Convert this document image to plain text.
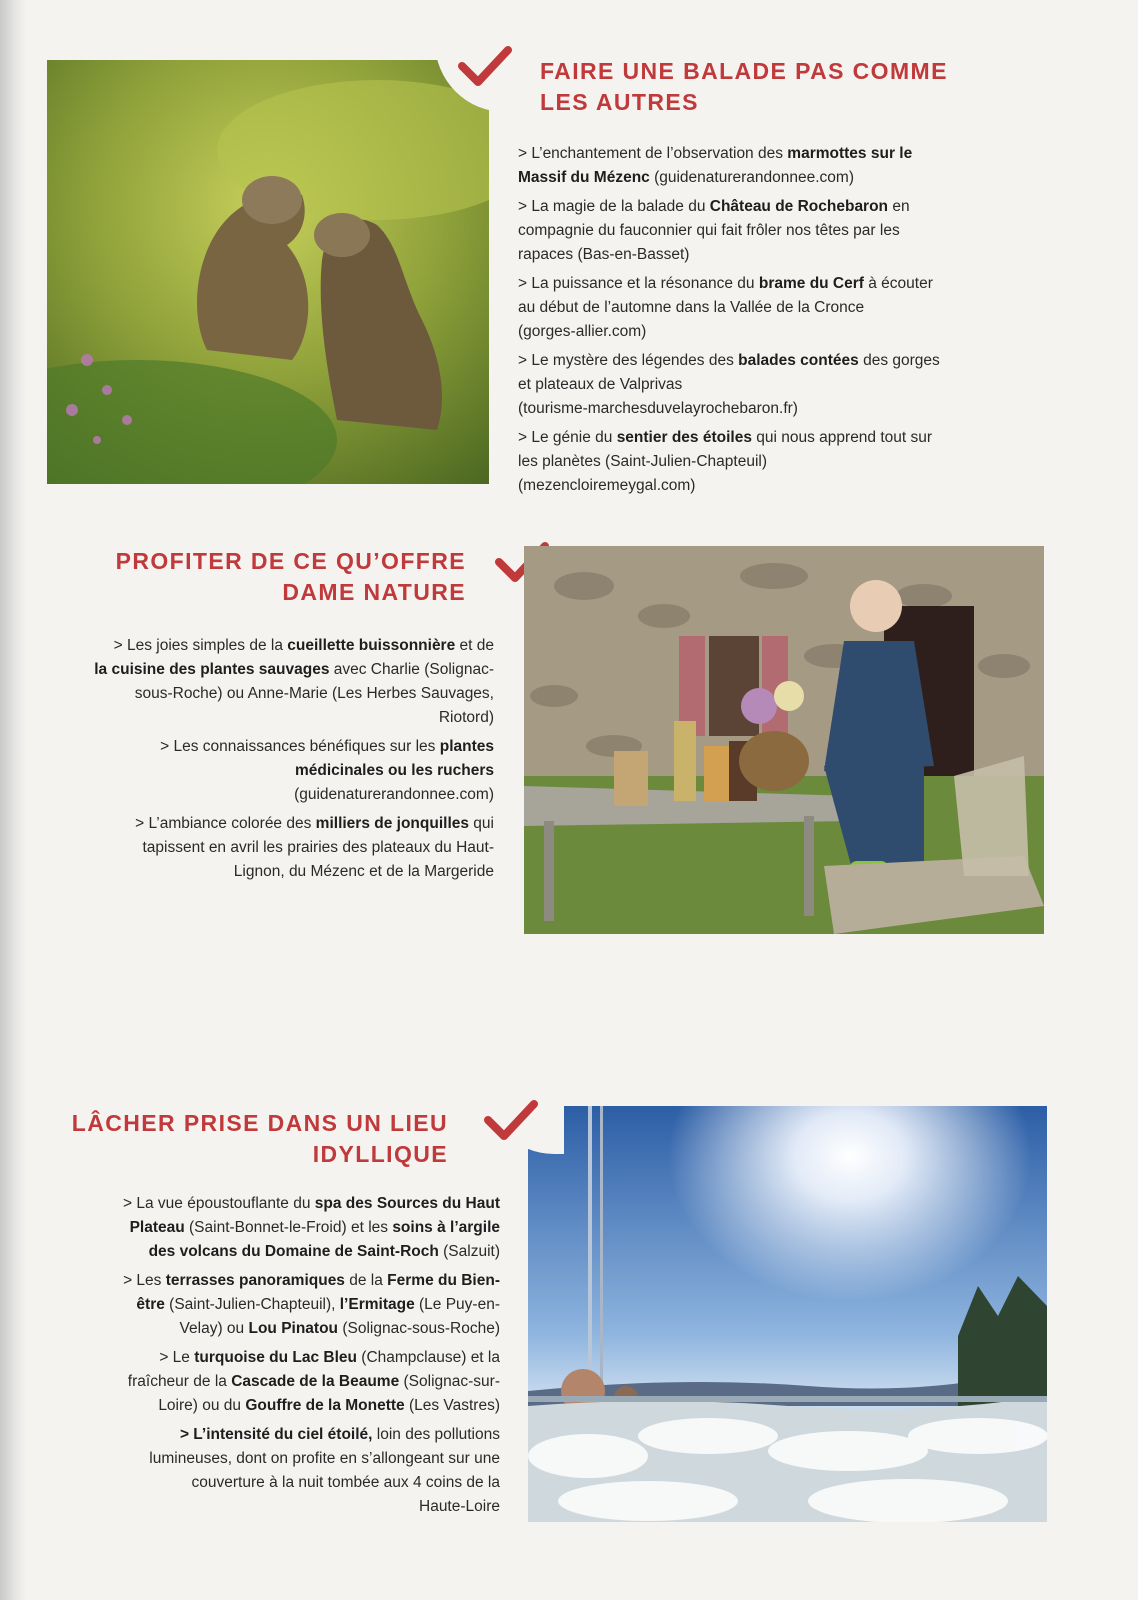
FAIRE UNE BALADE PAS COMME
LES AUTRES

> L’enchantement de l’observation des marmottes sur le
Massif du Mézenc (guidenaturerandonnee.com)

> La magie de la balade du Château de Rochebaron en
compagnie du fauconnier qui fait frôler nos têtes par les
rapaces (Bas-en-Basset)

> La puissance et la résonance du brame du Cerf à écouter
au début de l’automne dans la Vallée de la Cronce
(gorges-allier.com)

> Le mystère des légendes des balades contées des gorges
et plateaux de Valprivas
(tourisme-marchesduvelayrochebaron.fr)

> Le génie du sentier des étoiles qui nous apprend tout sur
les planètes (Saint-Julien-Chapteuil)
(mezencloiremeygal.com)

PROFITER DE CE QU’OFFRE
DAME NATURE

> Les joies simples de la cueillette buissonnière et de
la cuisine des plantes sauvages avec Charlie (Solignac-
sous-Roche) ou Anne-Marie (Les Herbes Sauvages,
Riotord)

> Les connaissances bénéfiques sur les plantes
médicinales ou les ruchers
(guidenaturerandonnee.com)

> L’ambiance colorée des milliers de jonquilles qui
tapissent en avril les prairies des plateaux du Haut-
Lignon, du Mézenc et de la Margeride

LÂCHER PRISE DANS UN LIEU
IDYLLIQUE

> La vue époustouflante du spa des Sources du Haut
Plateau (Saint-Bonnet-le-Froid) et les soins à l’argile
des volcans du Domaine de Saint-Roch (Salzuit)

> Les terrasses panoramiques de la Ferme du Bien-
être (Saint-Julien-Chapteuil), l’Ermitage (Le Puy-en-
Velay) ou Lou Pinatou (Solignac-sous-Roche)

> Le turquoise du Lac Bleu (Champclause) et la
fraîcheur de la Cascade de la Beaume (Solignac-sur-
Loire) ou du Gouffre de la Monette (Les Vastres)

> L’intensité du ciel étoilé, loin des pollutions
lumineuses, dont on profite en s’allongeant sur une
couverture à la nuit tombée aux 4 coins de la
Haute-Loire
